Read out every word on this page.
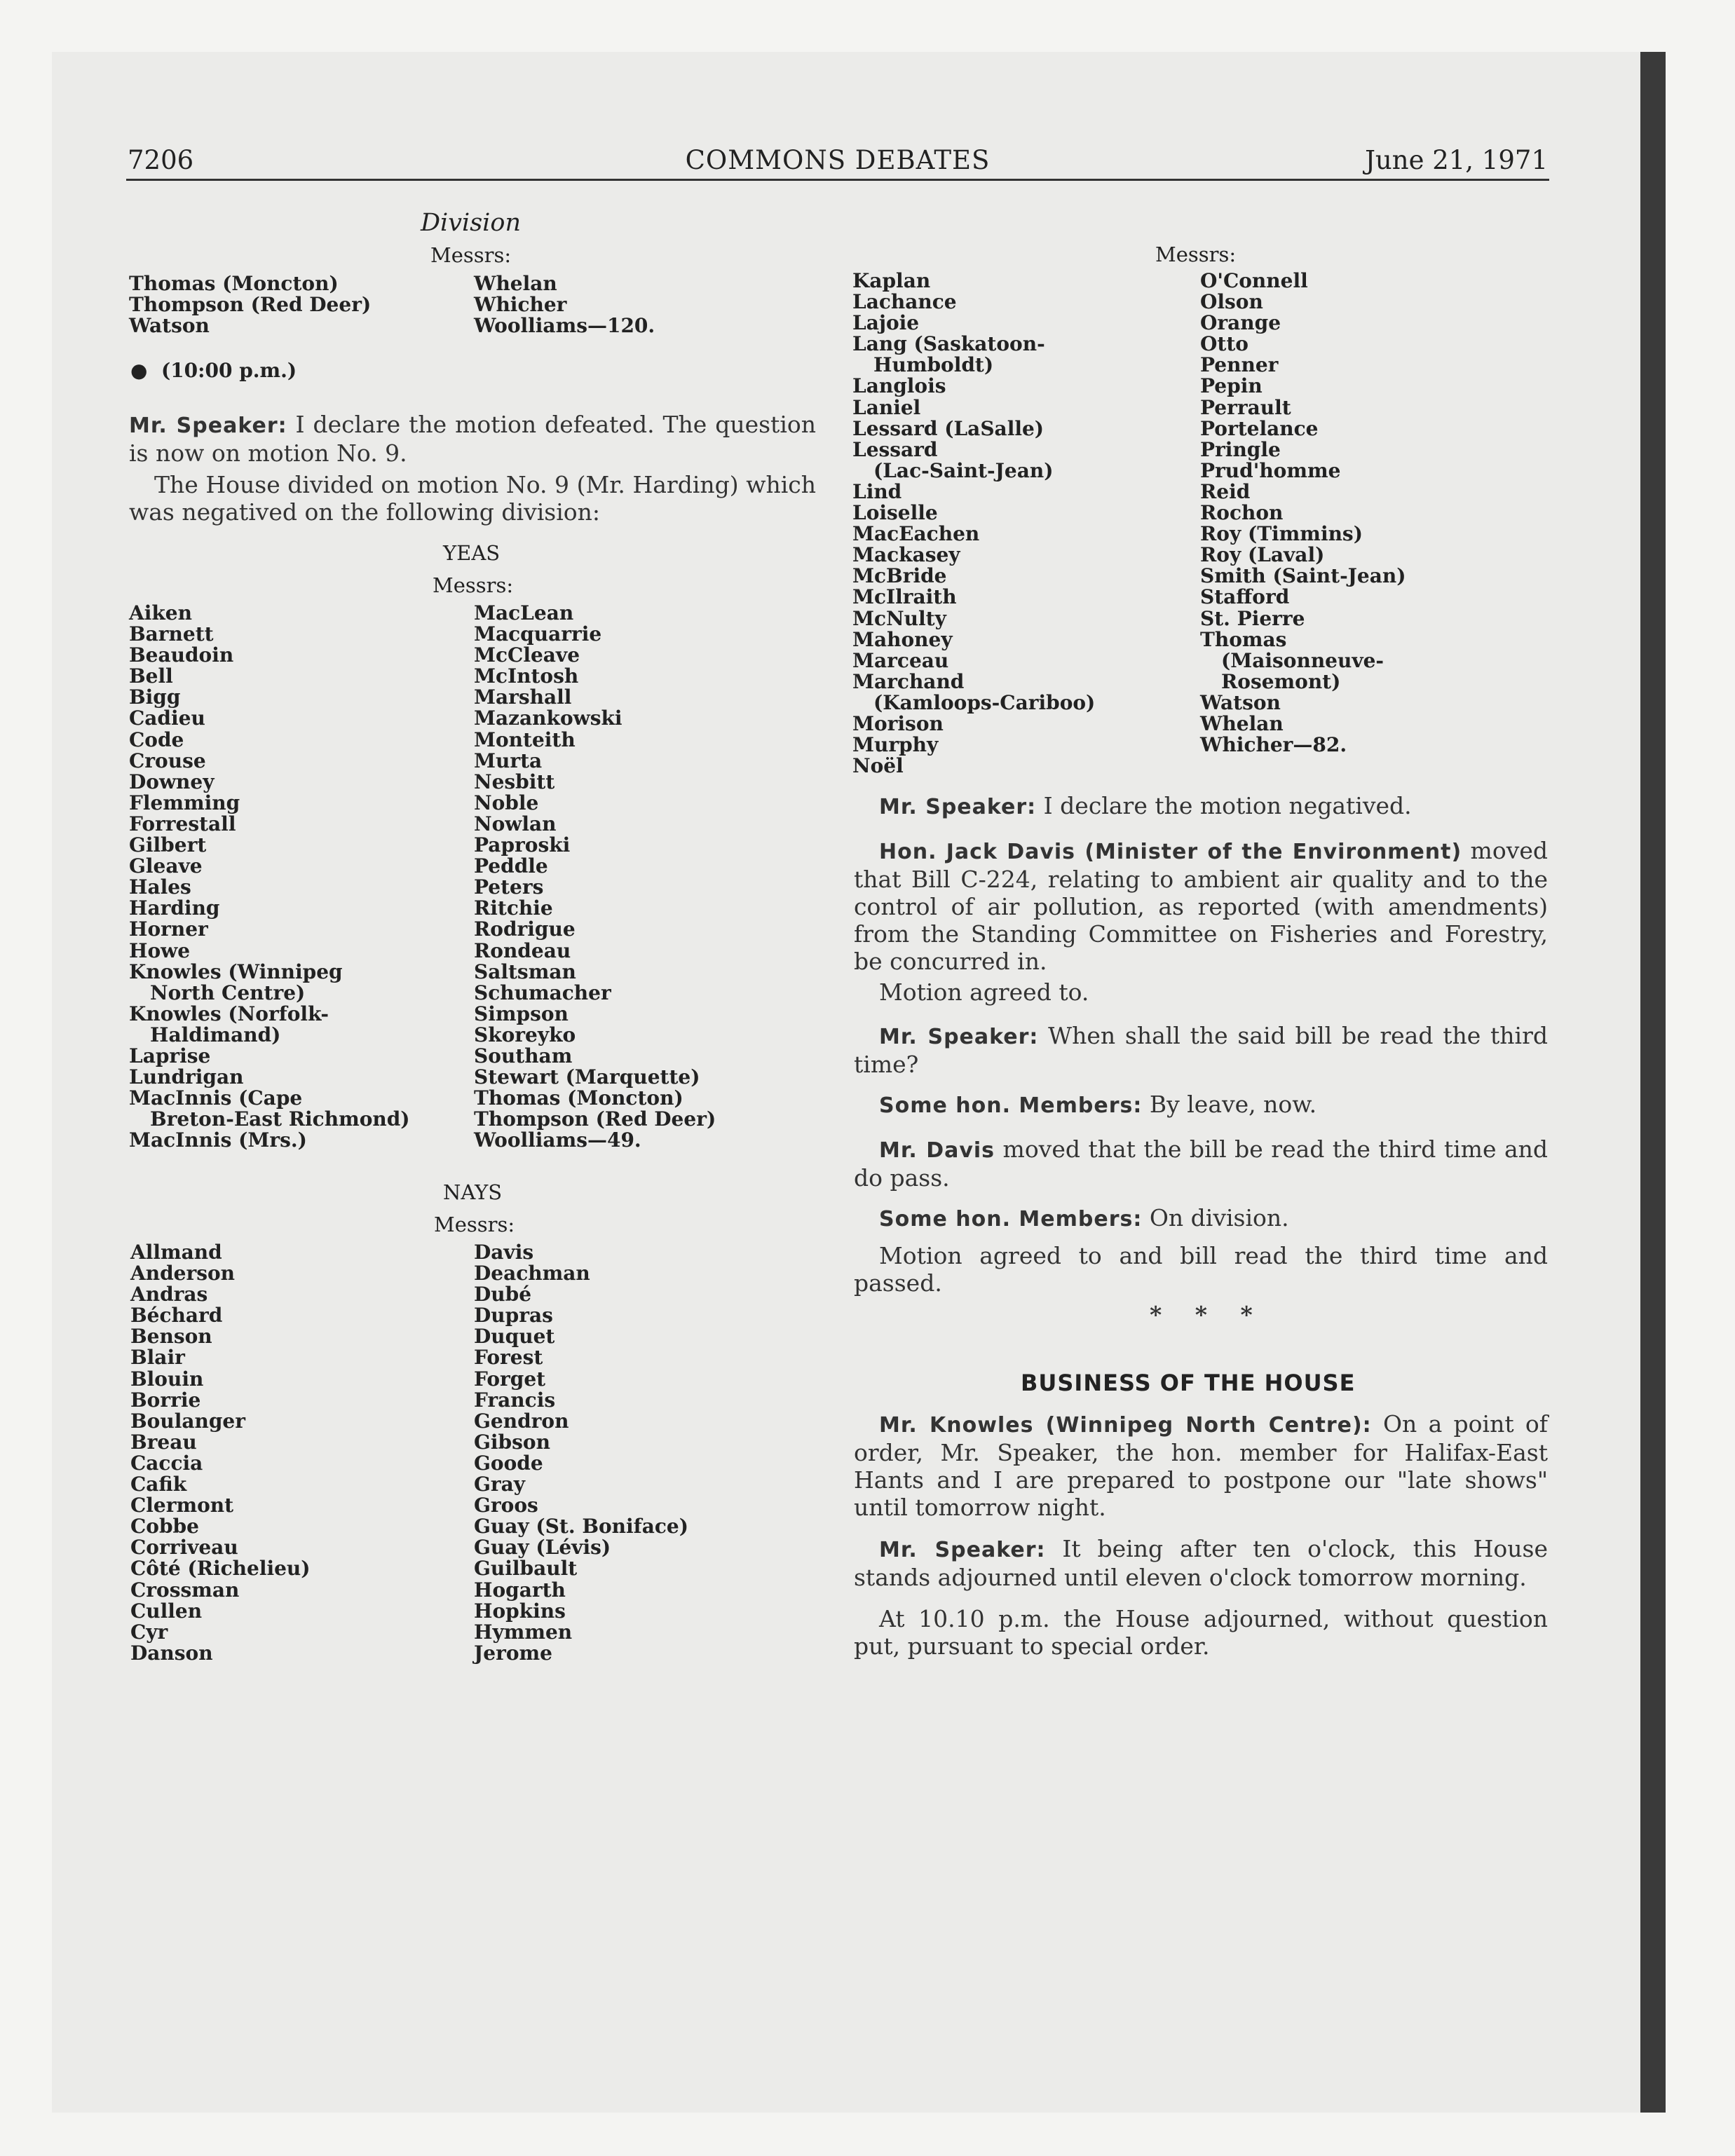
7206	COMMONS DEBATES	June 21, 1971
Division
Messrs:
Thomas (Moncton)
Thompson (Red Deer)
Watson
Whelan
Whicher
Woolliams—120.
●  (10:00 p.m.)
Mr. Speaker: I declare the motion defeated. The question is now on motion No. 9.
The House divided on motion No. 9 (Mr. Harding) which was negatived on the following division:
YEAS
Messrs:
Aiken
Barnett
Beaudoin
Bell
Bigg
Cadieu
Code
Crouse
Downey
Flemming
Forrestall
Gilbert
Gleave
Hales
Harding
Horner
Howe
Knowles (Winnipeg
North Centre)
Knowles (Norfolk-
Haldimand)
Laprise
Lundrigan
MacInnis (Cape
Breton-East Richmond)
MacInnis (Mrs.)
MacLean
Macquarrie
McCleave
McIntosh
Marshall
Mazankowski
Monteith
Murta
Nesbitt
Noble
Nowlan
Paproski
Peddle
Peters
Ritchie
Rodrigue
Rondeau
Saltsman
Schumacher
Simpson
Skoreyko
Southam
Stewart (Marquette)
Thomas (Moncton)
Thompson (Red Deer)
Woolliams—49.
NAYS
Messrs:
Allmand
Anderson
Andras
Béchard
Benson
Blair
Blouin
Borrie
Boulanger
Breau
Caccia
Cafik
Clermont
Cobbe
Corriveau
Côté (Richelieu)
Crossman
Cullen
Cyr
Danson
Davis
Deachman
Dubé
Dupras
Duquet
Forest
Forget
Francis
Gendron
Gibson
Goode
Gray
Groos
Guay (St. Boniface)
Guay (Lévis)
Guilbault
Hogarth
Hopkins
Hymmen
Jerome
Messrs:
Kaplan
Lachance
Lajoie
Lang (Saskatoon-
Humboldt)
Langlois
Laniel
Lessard (LaSalle)
Lessard
(Lac-Saint-Jean)
Lind
Loiselle
MacEachen
Mackasey
McBride
McIlraith
McNulty
Mahoney
Marceau
Marchand
(Kamloops-Cariboo)
Morison
Murphy
Noël
O'Connell
Olson
Orange
Otto
Penner
Pepin
Perrault
Portelance
Pringle
Prud'homme
Reid
Rochon
Roy (Timmins)
Roy (Laval)
Smith (Saint-Jean)
Stafford
St. Pierre
Thomas
(Maisonneuve-
Rosemont)
Watson
Whelan
Whicher—82.
Mr. Speaker: I declare the motion negatived.
Hon. Jack Davis (Minister of the Environment) moved that Bill C-224, relating to ambient air quality and to the control of air pollution, as reported (with amendments) from the Standing Committee on Fisheries and Forestry, be concurred in.
Motion agreed to.
Mr. Speaker: When shall the said bill be read the third time?
Some hon. Members: By leave, now.
Mr. Davis moved that the bill be read the third time and do pass.
Some hon. Members: On division.
Motion agreed to and bill read the third time and passed.
* * *
BUSINESS OF THE HOUSE
Mr. Knowles (Winnipeg North Centre): On a point of order, Mr. Speaker, the hon. member for Halifax-East Hants and I are prepared to postpone our "late shows" until tomorrow night.
Mr. Speaker: It being after ten o'clock, this House stands adjourned until eleven o'clock tomorrow morning.
At 10.10 p.m. the House adjourned, without question put, pursuant to special order.
